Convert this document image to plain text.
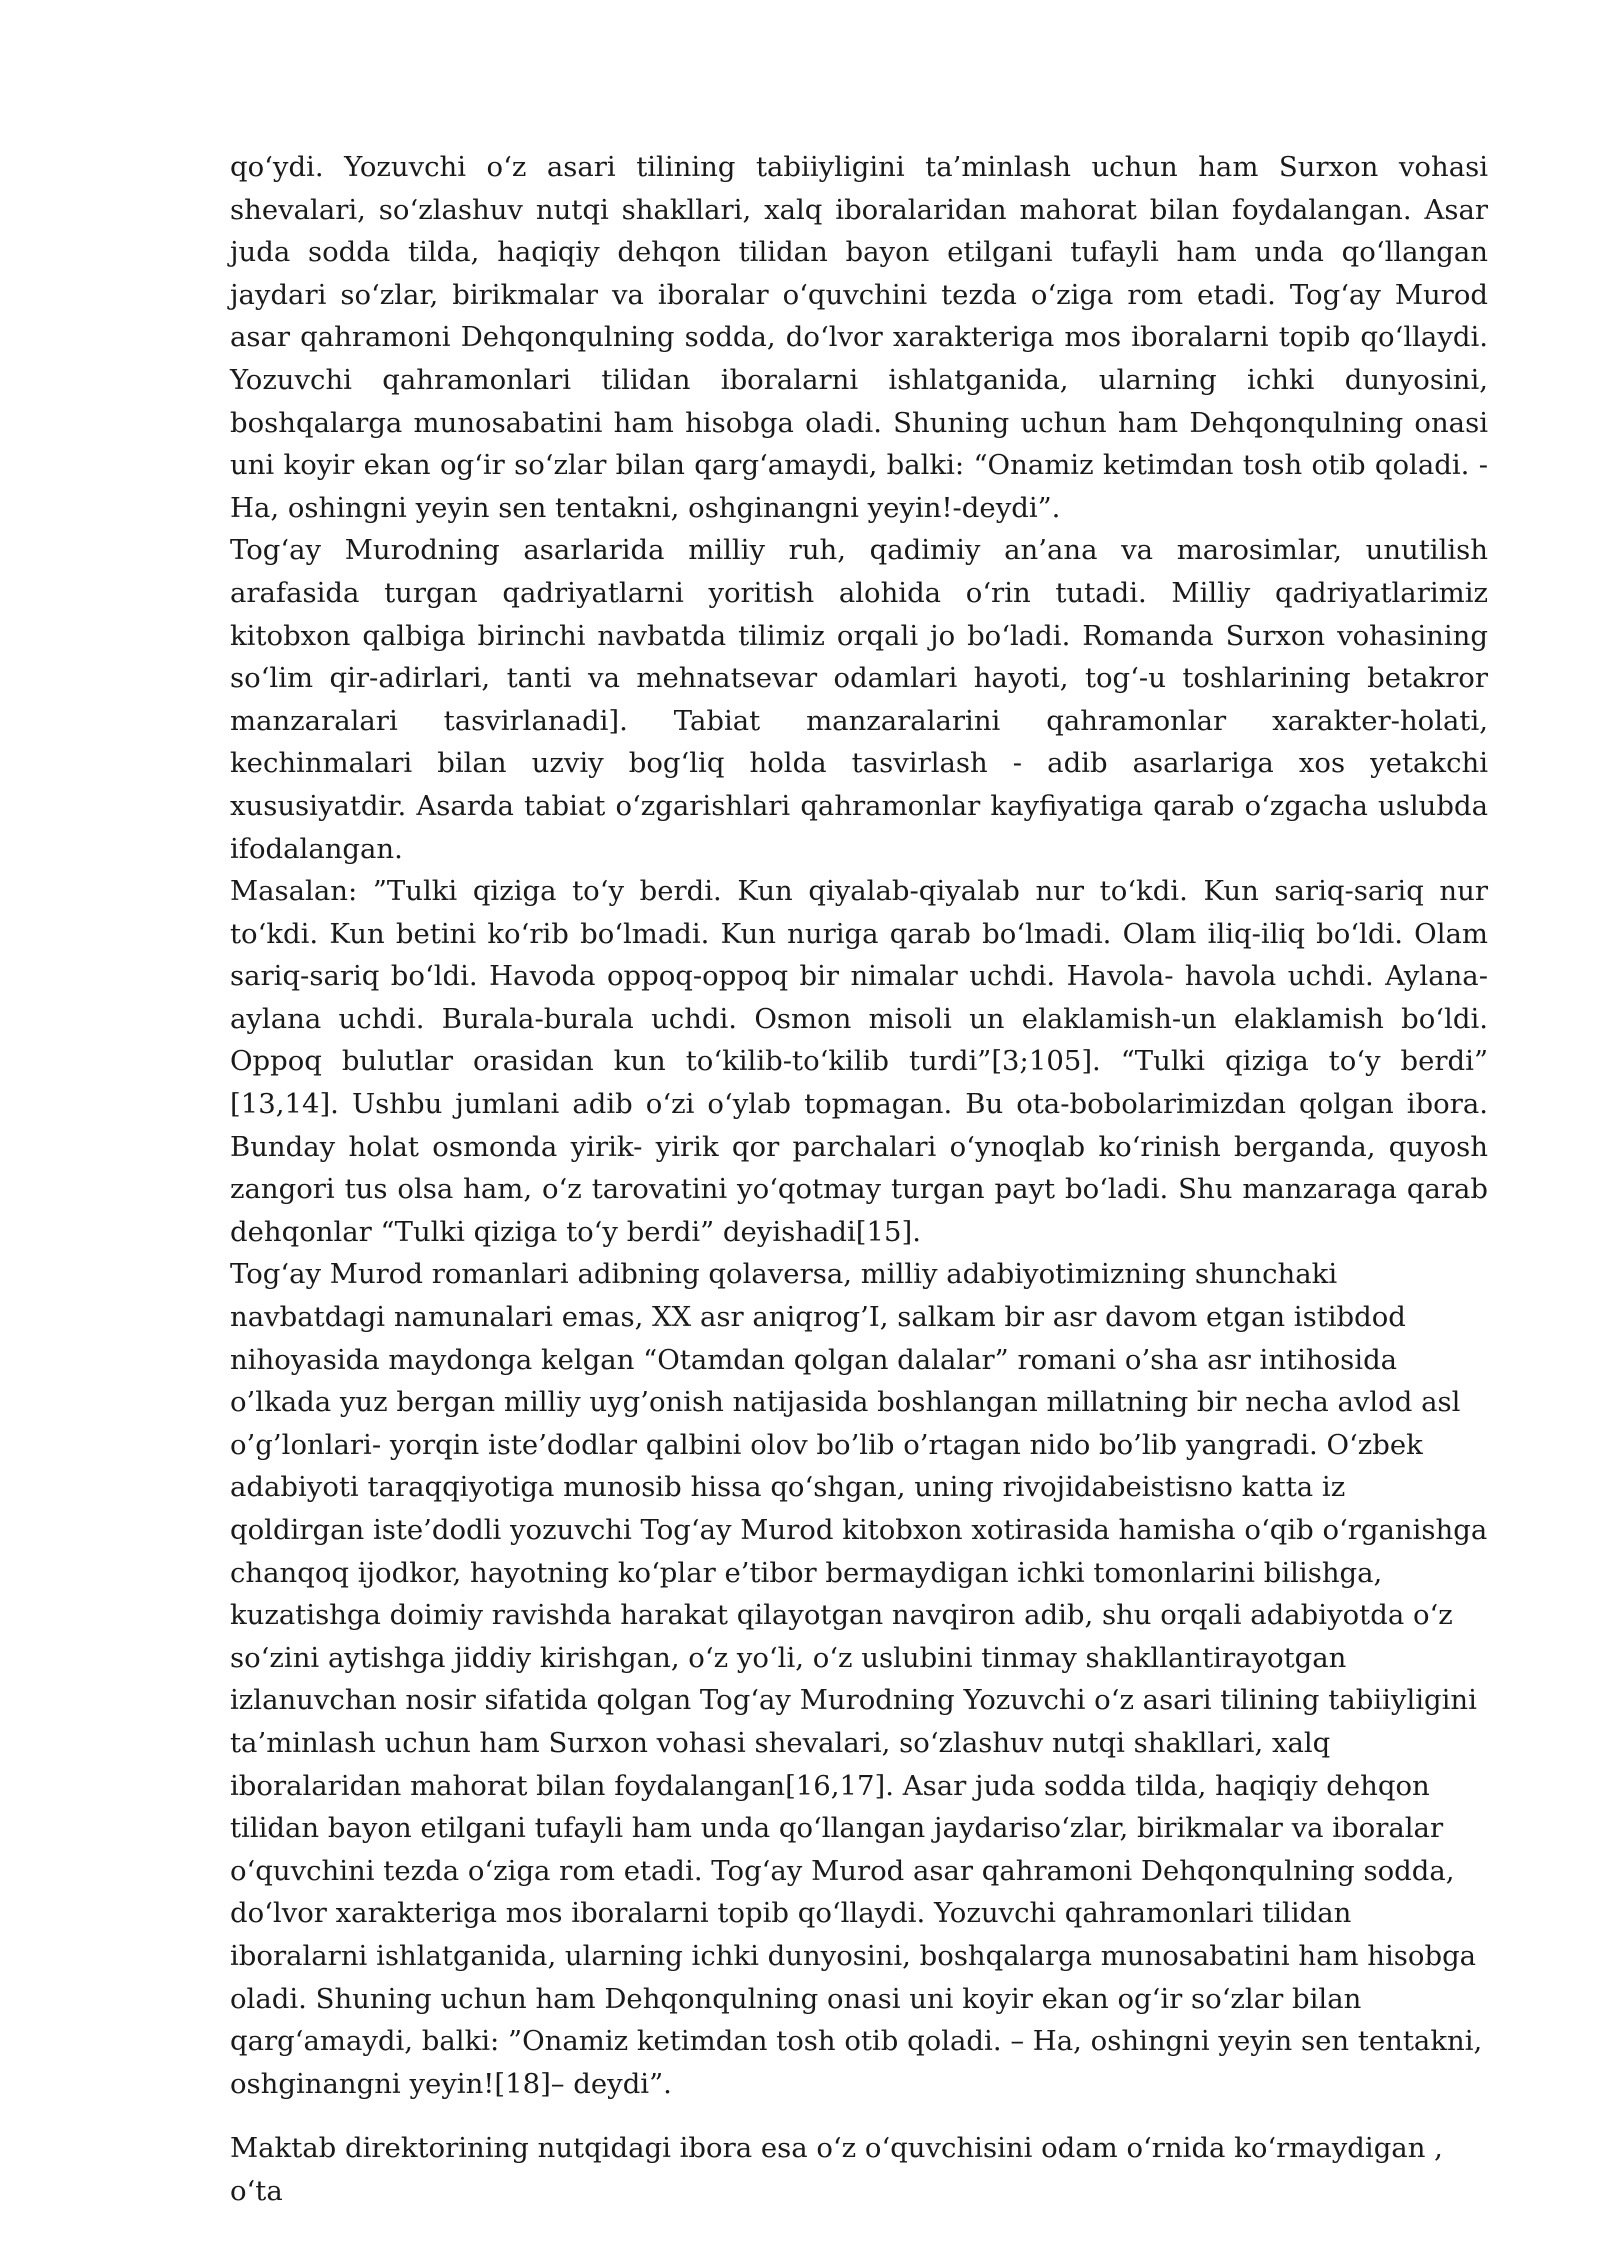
qo‘ydi. Yozuvchi o‘z asari tilining tabiiyligini ta’minlash uchun ham Surxon vohasi shevalari, so‘zlashuv nutqi shakllari, xalq iboralaridan mahorat bilan foydalangan. Asar juda sodda tilda, haqiqiy dehqon tilidan bayon etilgani tufayli ham unda qo‘llangan jaydari so‘zlar, birikmalar va iboralar o‘quvchini tezda o‘ziga rom etadi. Tog‘ay Murod asar qahramoni Dehqonqulning sodda, do‘lvor xarakteriga mos iboralarni topib qo‘llaydi. Yozuvchi qahramonlari tilidan iboralarni ishlatganida, ularning ichki dunyosini, boshqalarga munosabatini ham hisobga oladi. Shuning uchun ham Dehqonqulning onasi uni koyir ekan og‘ir so‘zlar bilan qarg‘amaydi, balki: “Onamiz ketimdan tosh otib qoladi. - Ha, oshingni yeyin sen tentakni, oshginangni yeyin!-deydi”.

Tog‘ay Murodning asarlarida milliy ruh, qadimiy an’ana va marosimlar, unutilish arafasida turgan qadriyatlarni yoritish alohida o‘rin tutadi. Milliy qadriyatlarimiz kitobxon qalbiga birinchi navbatda tilimiz orqali jo bo‘ladi. Romanda Surxon vohasining so‘lim qir-adirlari, tanti va mehnatsevar odamlari hayoti, tog‘-u toshlarining betakror manzaralari tasvirlanadi]. Tabiat manzaralarini qahramonlar xarakter-holati, kechinmalari bilan uzviy bog‘liq holda tasvirlash - adib asarlariga xos yetakchi xususiyatdir. Asarda tabiat o‘zgarishlari qahramonlar kayfiyatiga qarab o‘zgacha uslubda ifodalangan.

Masalan: ”Tulki qiziga to‘y berdi. Kun qiyalab-qiyalab nur to‘kdi. Kun sariq-sariq nur to‘kdi. Kun betini ko‘rib bo‘lmadi. Kun nuriga qarab bo‘lmadi. Olam iliq-iliq bo‘ldi. Olam sariq-sariq bo‘ldi. Havoda oppoq-oppoq bir nimalar uchdi. Havola- havola uchdi. Aylana-aylana uchdi. Burala-burala uchdi. Osmon misoli un elaklamish-un elaklamish bo‘ldi. Oppoq bulutlar orasidan kun to‘kilib-to‘kilib turdi”[3;105]. “Tulki qiziga to‘y berdi” [13,14]. Ushbu jumlani adib o‘zi o‘ylab topmagan. Bu ota-bobolarimizdan qolgan ibora. Bunday holat osmonda yirik- yirik qor parchalari o‘ynoqlab ko‘rinish berganda, quyosh zangori tus olsa ham, o‘z tarovatini yo‘qotmay turgan payt bo‘ladi. Shu manzaraga qarab dehqonlar “Tulki qiziga to‘y berdi” deyishadi[15].

Tog‘ay Murod romanlari adibning qolaversa, milliy adabiyotimizning shunchaki navbatdagi namunalari emas, XX asr aniqrog’I, salkam bir asr davom etgan istibdod nihoyasida maydonga kelgan “Otamdan qolgan dalalar” romani o’sha asr intihosida o’lkada yuz bergan milliy uyg’onish natijasida boshlangan millatning bir necha avlod asl o’g’lonlari- yorqin iste’dodlar qalbini olov bo’lib o’rtagan nido bo’lib yangradi. O‘zbek adabiyoti taraqqiyotiga munosib hissa qo‘shgan, uning rivojidabeistisno katta iz qoldirgan iste’dodli yozuvchi Tog‘ay Murod kitobxon xotirasida hamisha o‘qib o‘rganishga chanqoq ijodkor, hayotning ko‘plar e’tibor bermaydigan ichki tomonlarini bilishga, kuzatishga doimiy ravishda harakat qilayotgan navqiron adib, shu orqali adabiyotda o‘z so‘zini aytishga jiddiy kirishgan, o‘z yo‘li, o‘z uslubini tinmay shakllantirayotgan izlanuvchan nosir sifatida qolgan Tog‘ay Murodning Yozuvchi o‘z asari tilining tabiiyligini ta’minlash uchun ham Surxon vohasi shevalari, so‘zlashuv nutqi shakllari, xalq iboralaridan mahorat bilan foydalangan[16,17]. Asar juda sodda tilda, haqiqiy dehqon tilidan bayon etilgani tufayli ham unda qo‘llangan jaydariso‘zlar, birikmalar va iboralar o‘quvchini tezda o‘ziga rom etadi. Tog‘ay Murod asar qahramoni Dehqonqulning sodda, do‘lvor xarakteriga mos iboralarni topib qo‘llaydi. Yozuvchi qahramonlari tilidan iboralarni ishlatganida, ularning ichki dunyosini, boshqalarga munosabatini ham hisobga oladi. Shuning uchun ham Dehqonqulning onasi uni koyir ekan og‘ir so‘zlar bilan qarg‘amaydi, balki: ”Onamiz ketimdan tosh otib qoladi. – Ha, oshingni yeyin sen tentakni, oshginangni yeyin![18]– deydi”.

Maktab direktorining nutqidagi ibora esa o‘z o‘quvchisini odam o‘rnida ko‘rmaydigan , o‘ta
